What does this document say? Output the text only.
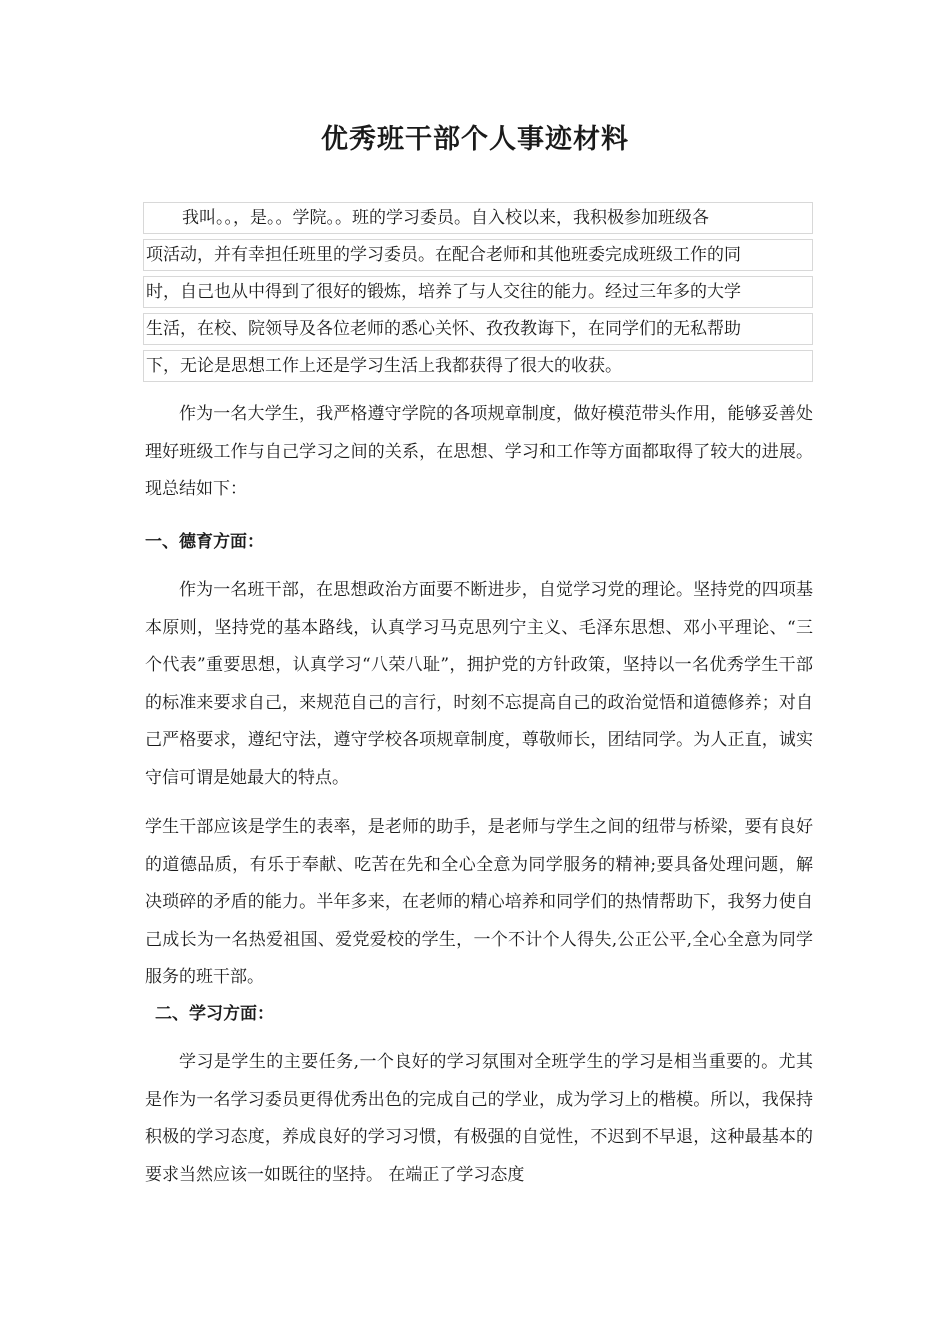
优秀班干部个人事迹材料
我叫。。，是。。学院。。班的学习委员。自入校以来，我积极参加班级各
项活动，并有幸担任班里的学习委员。在配合老师和其他班委完成班级工作的同
时，自己也从中得到了很好的锻炼，培养了与人交往的能力。经过三年多的大学
生活，在校、院领导及各位老师的悉心关怀、孜孜教诲下，在同学们的无私帮助
下，无论是思想工作上还是学习生活上我都获得了很大的收获。

作为一名大学生，我严格遵守学院的各项规章制度，做好模范带头作用，能够妥善处理好班级工作与自己学习之间的关系，在思想、学习和工作等方面都取得了较大的进展。现总结如下：

一、德育方面：

作为一名班干部，在思想政治方面要不断进步，自觉学习党的理论。坚持党的四项基本原则，坚持党的基本路线，认真学习马克思列宁主义、毛泽东思想、邓小平理论、“三个代表”重要思想，认真学习“八荣八耻”，拥护党的方针政策，坚持以一名优秀学生干部的标准来要求自己，来规范自己的言行，时刻不忘提高自己的政治觉悟和道德修养；对自己严格要求，遵纪守法，遵守学校各项规章制度，尊敬师长，团结同学。为人正直，诚实守信可谓是她最大的特点。

学生干部应该是学生的表率，是老师的助手，是老师与学生之间的纽带与桥梁，要有良好的道德品质，有乐于奉献、吃苦在先和全心全意为同学服务的精神;要具备处理问题，解决琐碎的矛盾的能力。半年多来，在老师的精心培养和同学们的热情帮助下，我努力使自己成长为一名热爱祖国、爱党爱校的学生，一个不计个人得失,公正公平,全心全意为同学服务的班干部。

二、学习方面：

学习是学生的主要任务,一个良好的学习氛围对全班学生的学习是相当重要的。尤其是作为一名学习委员更得优秀出色的完成自己的学业，成为学习上的楷模。所以，我保持积极的学习态度，养成良好的学习习惯，有极强的自觉性，不迟到不早退，这种最基本的要求当然应该一如既往的坚持。 在端正了学习态度
